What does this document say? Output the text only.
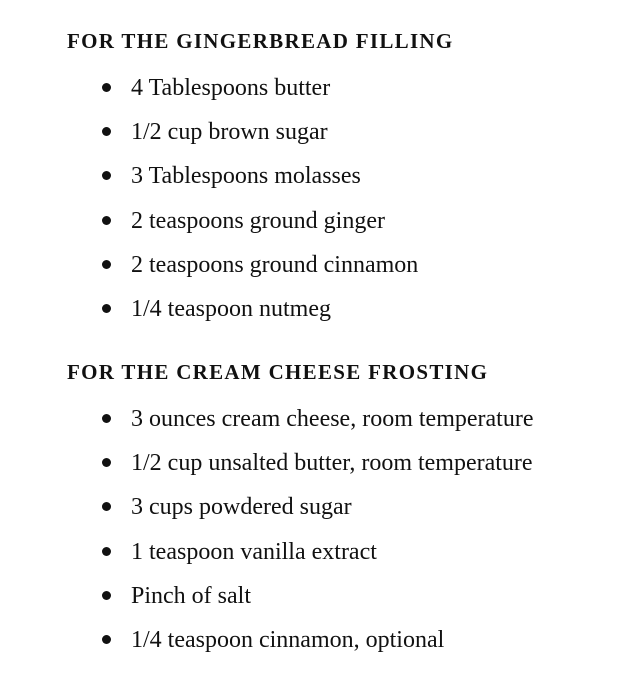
FOR THE GINGERBREAD FILLING
4 Tablespoons butter
1/2 cup brown sugar
3 Tablespoons molasses
2 teaspoons ground ginger
2 teaspoons ground cinnamon
1/4 teaspoon nutmeg
FOR THE CREAM CHEESE FROSTING
3 ounces cream cheese, room temperature
1/2 cup unsalted butter, room temperature
3 cups powdered sugar
1 teaspoon vanilla extract
Pinch of salt
1/4 teaspoon cinnamon, optional
